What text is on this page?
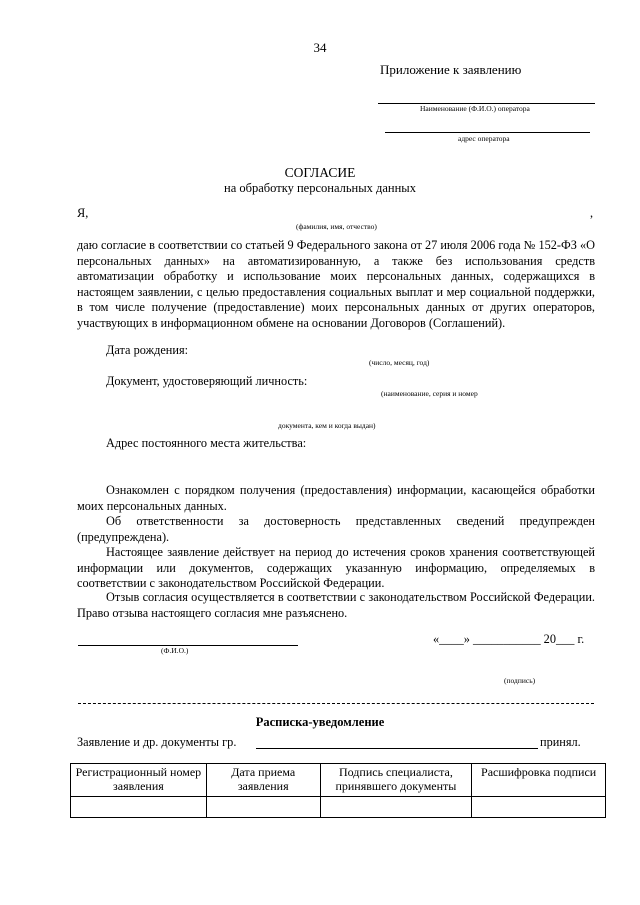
34
Приложение к заявлению
Наименование (Ф.И.О.) оператора
адрес оператора
СОГЛАСИЕ
на обработку персональных данных
Я,	,
(фамилия, имя, отчество)
даю согласие в соответствии со статьей 9 Федерального закона от 27 июля 2006 года № 152-ФЗ «О персональных данных» на автоматизированную, а также без использования средств автоматизации обработку и использование моих персональных данных, содержащихся в настоящем заявлении, с целью предоставления социальных выплат и мер социальной поддержки, в том числе получение (предоставление) моих персональных данных от других операторов, участвующих в информационном обмене на основании Договоров (Соглашений).
Дата рождения:
(число, месяц, год)
Документ, удостоверяющий личность:
(наименование, серия и номер
документа, кем и когда выдан)
Адрес постоянного места жительства:
Ознакомлен с порядком получения (предоставления) информации, касающейся обработки моих персональных данных.
Об ответственности за достоверность представленных сведений предупрежден (предупреждена).
Настоящее заявление действует на период до истечения сроков хранения соответствующей информации или документов, содержащих указанную информацию, определяемых в соответствии с законодательством Российской Федерации.
Отзыв согласия осуществляется в соответствии с законодательством Российской Федерации. Право отзыва настоящего согласия мне разъяснено.
(Ф.И.О.)
«____» ___________ 20___ г.
(подпись)
Расписка-уведомление
Заявление и др. документы гр.	принял.
Регистрационный номер заявления	Дата приема заявления	Подпись специалиста, принявшего документы	Расшифровка подписи
